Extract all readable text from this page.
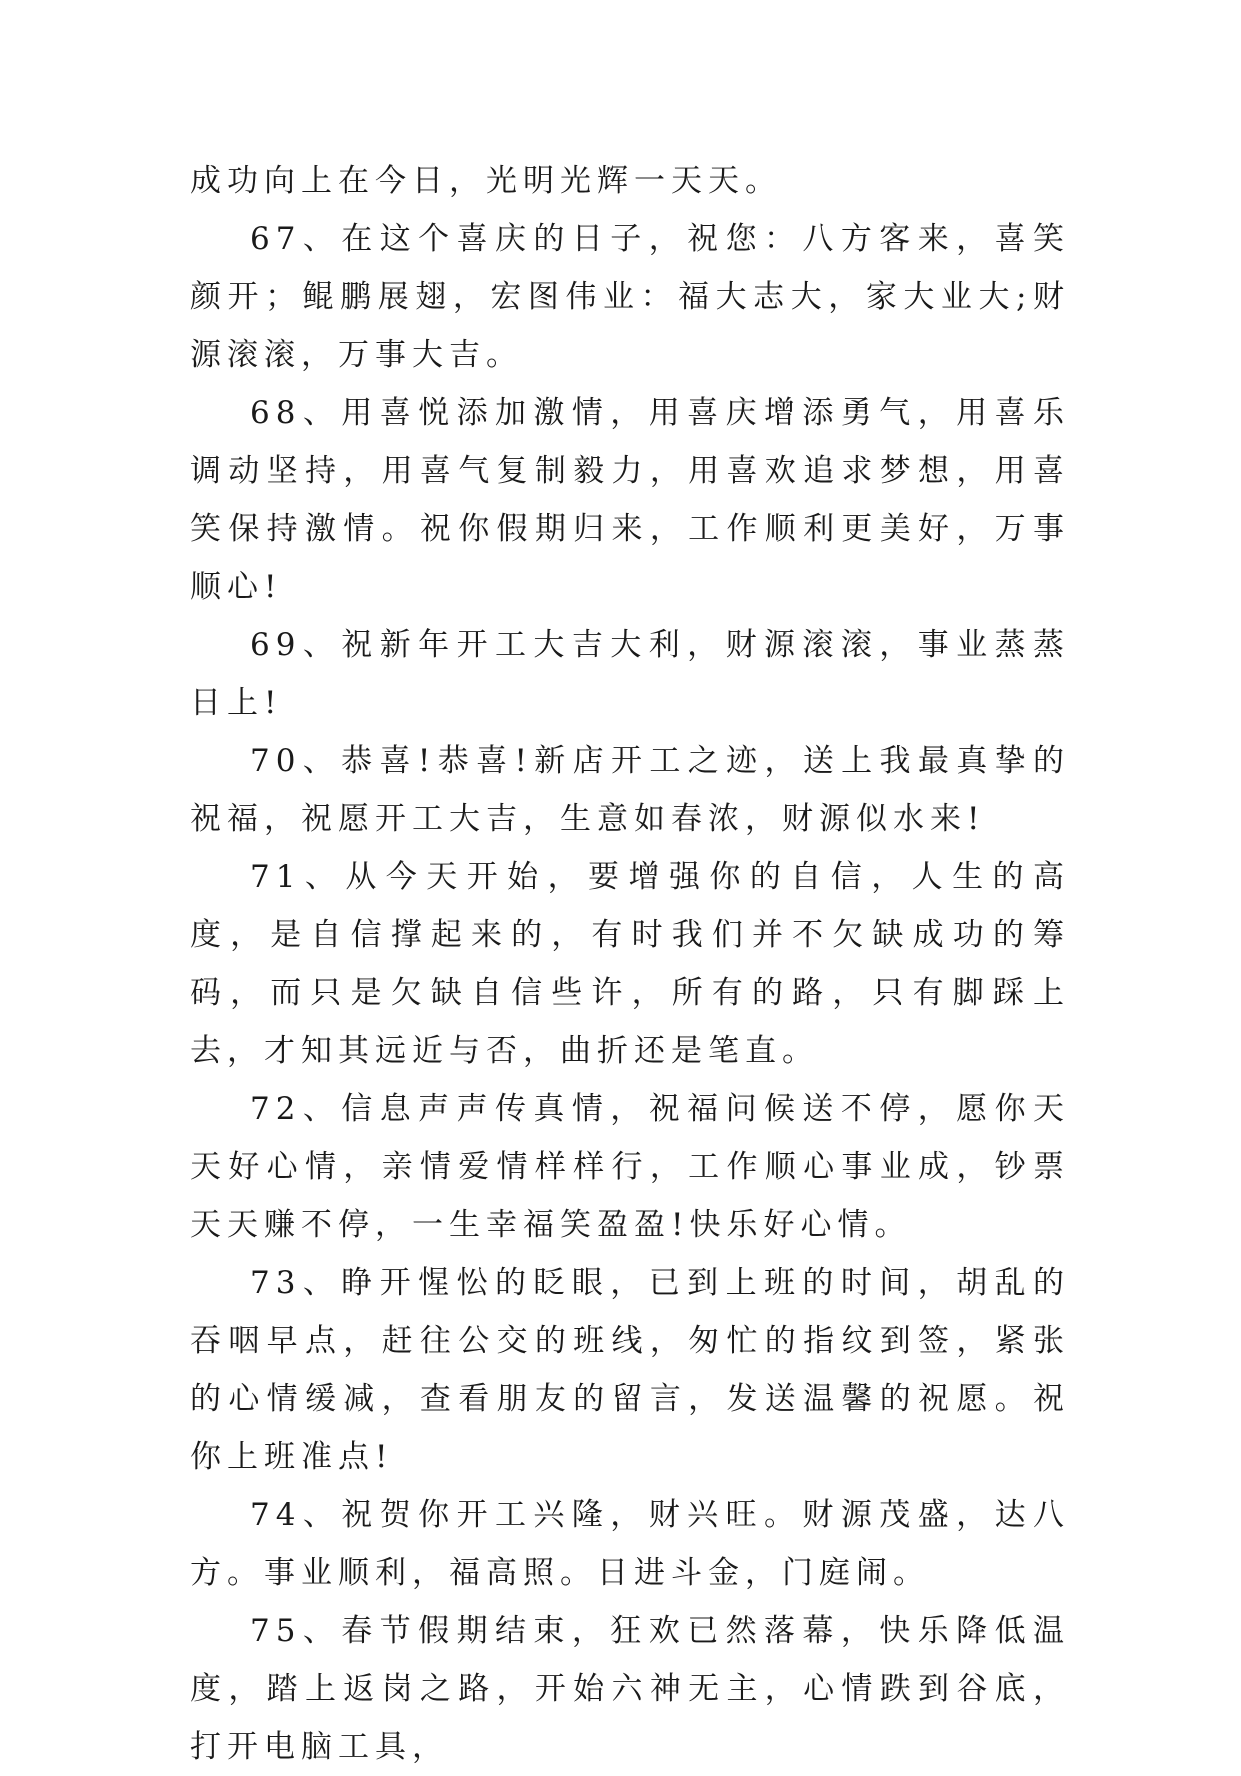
成功向上在今日，光明光辉一天天。

67、在这个喜庆的日子，祝您：八方客来，喜笑颜开；鲲鹏展翅，宏图伟业：福大志大，家大业大;财源滚滚，万事大吉。

68、用喜悦添加激情，用喜庆增添勇气，用喜乐调动坚持，用喜气复制毅力，用喜欢追求梦想，用喜笑保持激情。祝你假期归来，工作顺利更美好，万事顺心!

69、祝新年开工大吉大利，财源滚滚，事业蒸蒸日上!

70、恭喜!恭喜!新店开工之迹，送上我最真挚的祝福，祝愿开工大吉，生意如春浓，财源似水来!

71、从今天开始，要增强你的自信，人生的高度，是自信撑起来的，有时我们并不欠缺成功的筹码，而只是欠缺自信些许，所有的路，只有脚踩上去，才知其远近与否，曲折还是笔直。

72、信息声声传真情，祝福问候送不停，愿你天天好心情，亲情爱情样样行，工作顺心事业成，钞票天天赚不停，一生幸福笑盈盈!快乐好心情。

73、睁开惺忪的眨眼，已到上班的时间，胡乱的吞咽早点，赶往公交的班线，匆忙的指纹到签，紧张的心情缓减，查看朋友的留言，发送温馨的祝愿。祝你上班准点!

74、祝贺你开工兴隆，财兴旺。财源茂盛，达八方。事业顺利，福高照。日进斗金，门庭闹。

75、春节假期结束，狂欢已然落幕，快乐降低温度，踏上返岗之路，开始六神无主，心情跌到谷底，打开电脑工具，
